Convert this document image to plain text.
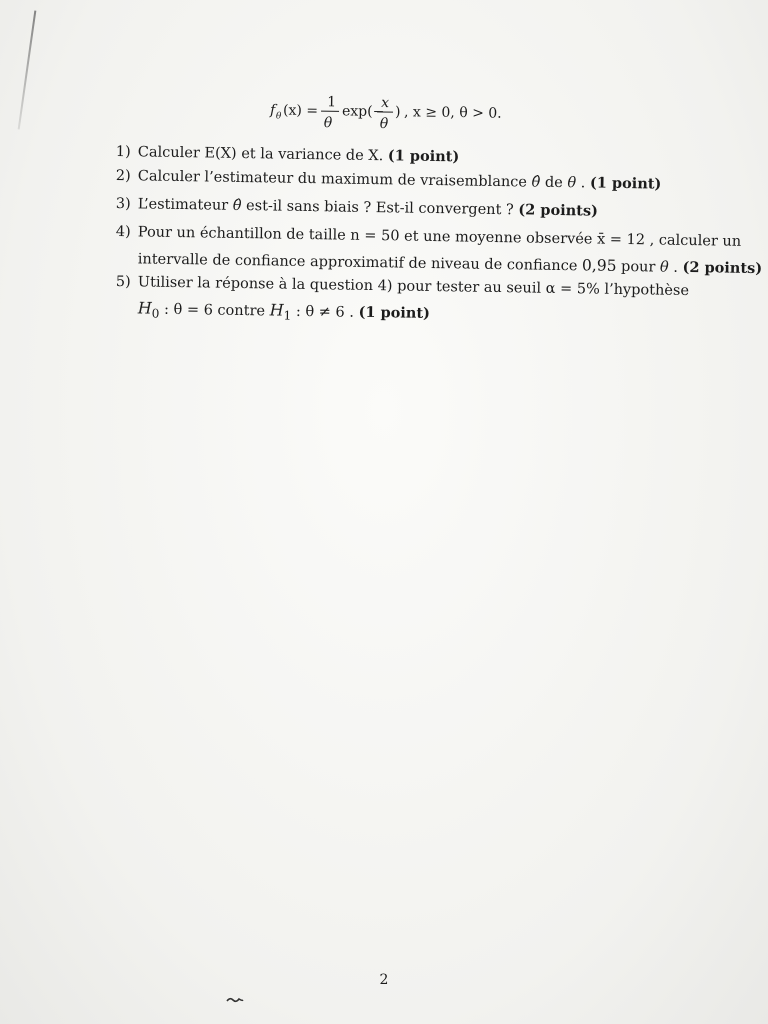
f θ (x) =
1
θ
exp(−
x
θ
) , x ≥ 0, θ > 0.
1) Calculer E(X) et la variance de X. (1 point)
2) Calculer l’estimateur du maximum de vraisemblance θ̂ de θ . (1 point)
3) L’estimateur θ̂ est-il sans biais ? Est-il convergent ? (2 points)
4) Pour un échantillon de taille n = 50 et une moyenne observée x̄ = 12 , calculer un
intervalle de confiance approximatif de niveau de confiance 0,95 pour θ . (2 points)
5) Utiliser la réponse à la question 4) pour tester au seuil α = 5% l’hypothèse
$H_0$ : θ = 6 contre $H_1$ : θ ≠ 6 . (1 point)
2
